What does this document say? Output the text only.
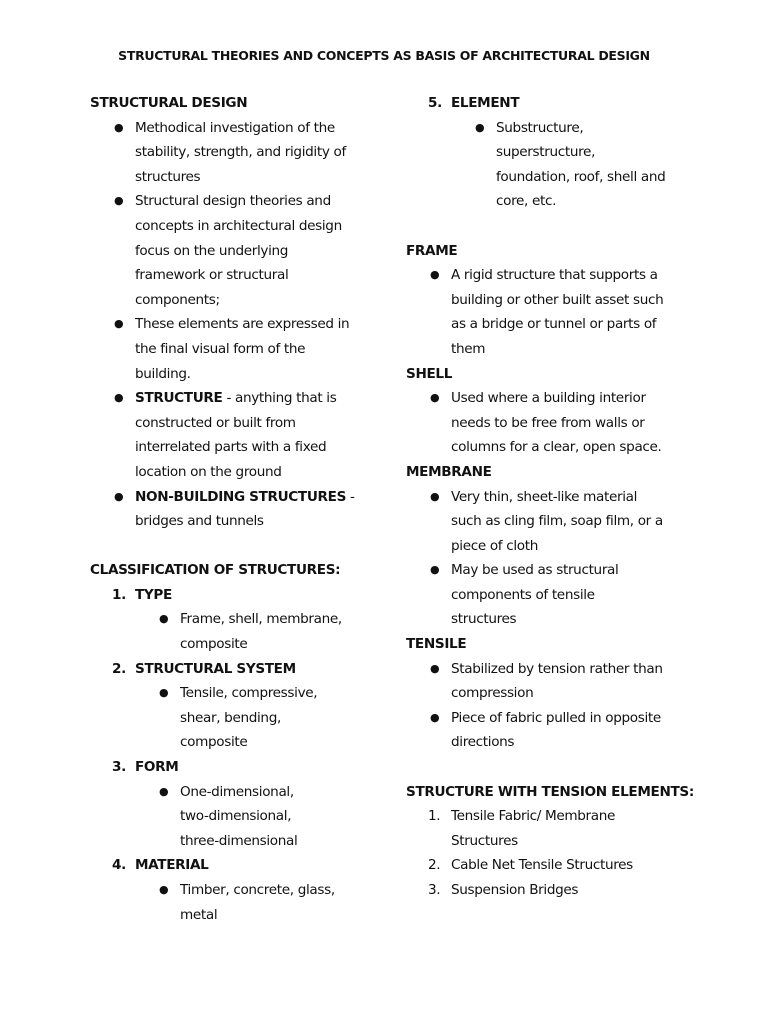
STRUCTURAL THEORIES AND CONCEPTS AS BASIS OF ARCHITECTURAL DESIGN
STRUCTURAL DESIGN
● Methodical investigation of the
stability, strength, and rigidity of
structures
● Structural design theories and
concepts in architectural design
focus on the underlying
framework or structural
components;
● These elements are expressed in
the final visual form of the
building.
● STRUCTURE - anything that is
constructed or built from
interrelated parts with a fixed
location on the ground
● NON-BUILDING STRUCTURES -
bridges and tunnels
CLASSIFICATION OF STRUCTURES:
1. TYPE
● Frame, shell, membrane,
composite
2. STRUCTURAL SYSTEM
● Tensile, compressive,
shear, bending,
composite
3. FORM
● One-dimensional,
two-dimensional,
three-dimensional
4. MATERIAL
● Timber, concrete, glass,
metal
5. ELEMENT
● Substructure,
superstructure,
foundation, roof, shell and
core, etc.
FRAME
● A rigid structure that supports a
building or other built asset such
as a bridge or tunnel or parts of
them
SHELL
● Used where a building interior
needs to be free from walls or
columns for a clear, open space.
MEMBRANE
● Very thin, sheet-like material
such as cling film, soap film, or a
piece of cloth
● May be used as structural
components of tensile
structures
TENSILE
● Stabilized by tension rather than
compression
● Piece of fabric pulled in opposite
directions
STRUCTURE WITH TENSION ELEMENTS:
1. Tensile Fabric/ Membrane
Structures
2. Cable Net Tensile Structures
3. Suspension Bridges
